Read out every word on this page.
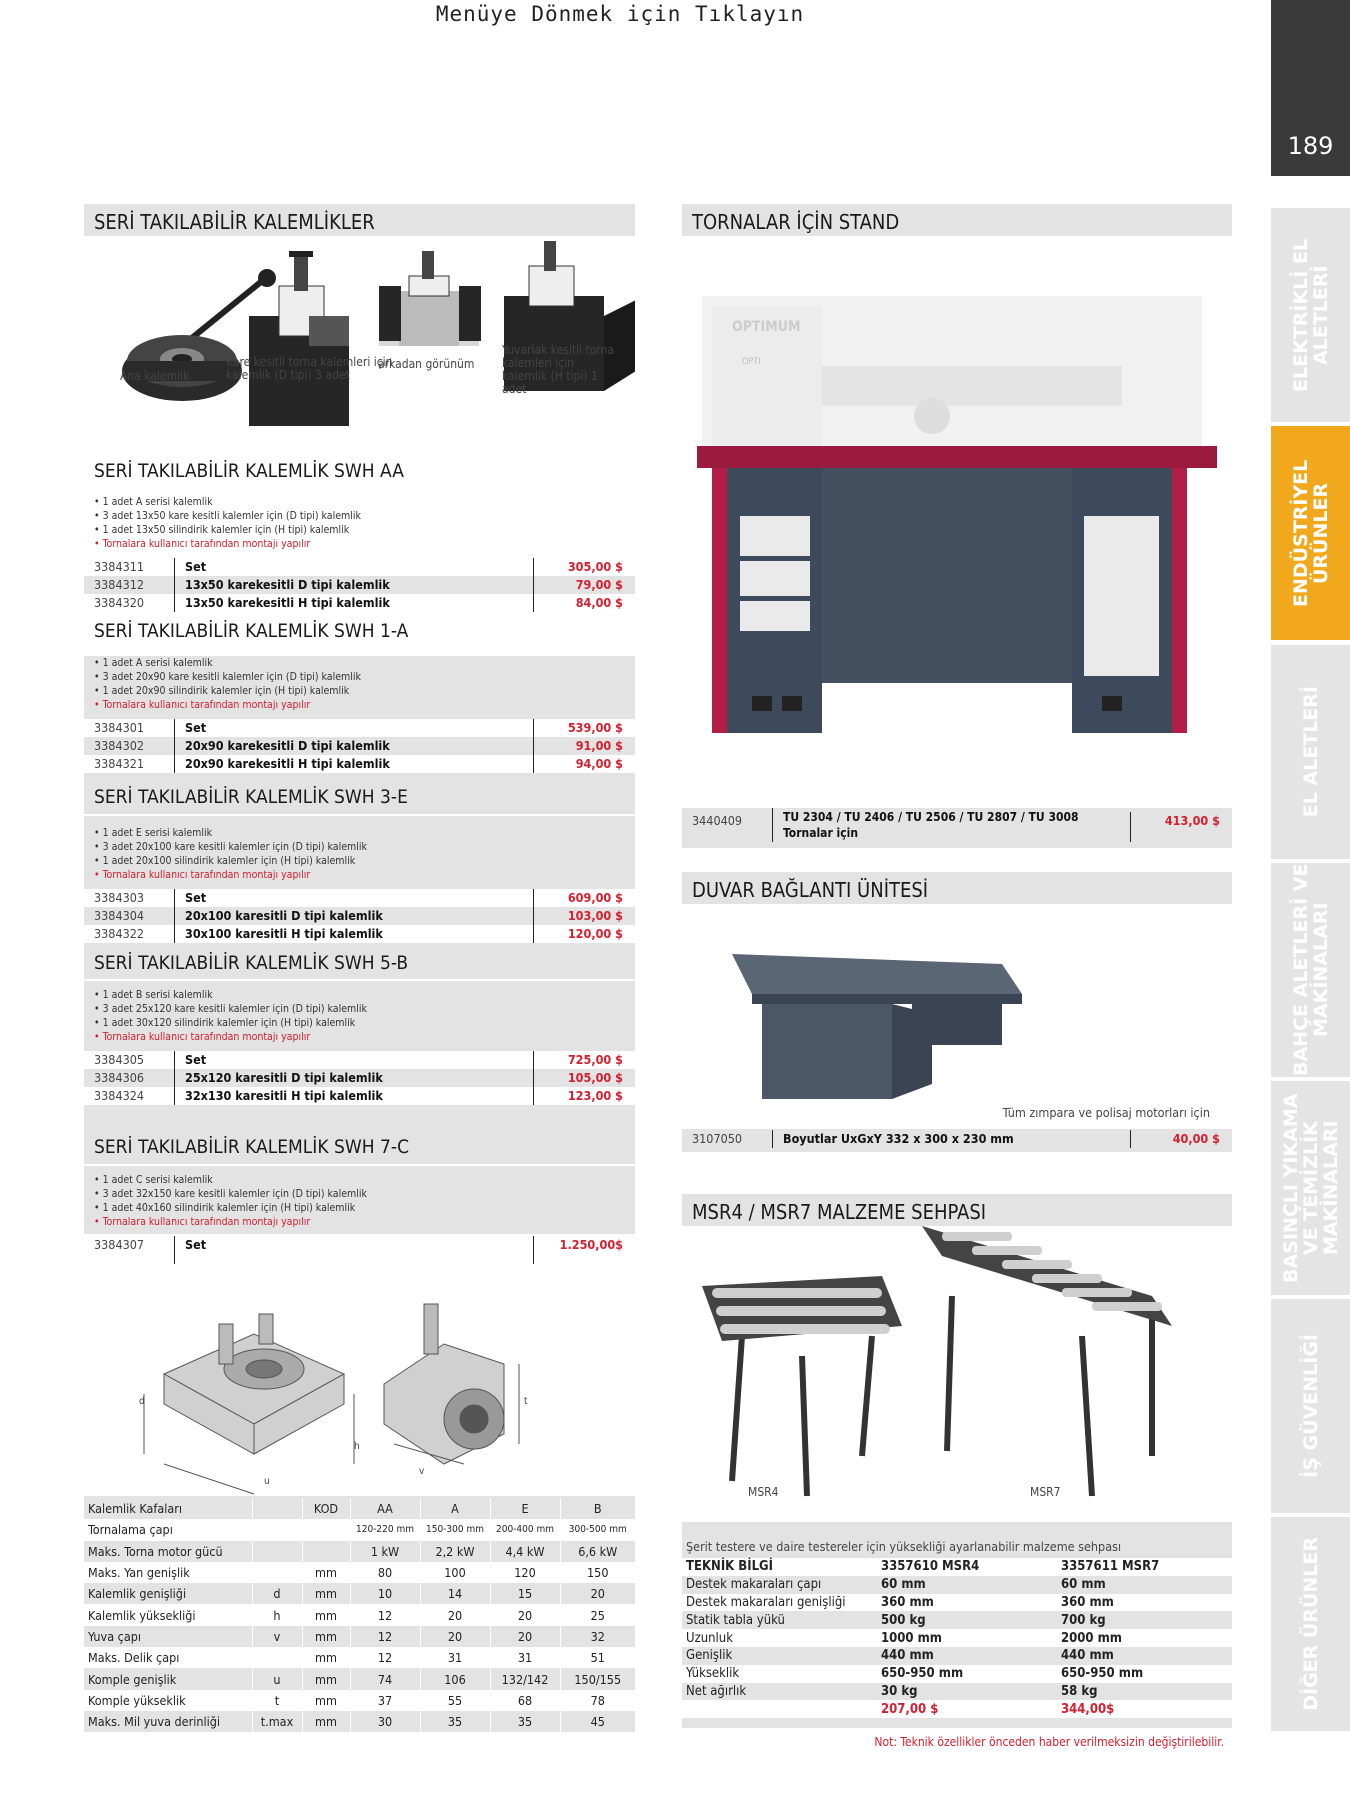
Menüye Dönmek için Tıklayın
ELEKTRİKLİ EL ALETLERİ
ENDÜSTRİYEL ÜRÜNLER
EL ALETLERİ
BAHÇE ALETLERİ VE MAKİNALARI
BASINÇLI YIKAMA VE TEMİZLİK MAKİNALARI
İŞ GÜVENLİĞİ
DİĞER ÜRÜNLER
189
SERİ TAKILABİLİR KALEMLİKLER
Ana kalemlik
Kare kesitli torna kalemleri için kalemlik (D tipi) 3 adet
arkadan görünüm
Yuvarlak kesitli torna kalemleri için kalemlik (H tipi) 1 adet
SERİ TAKILABİLİR KALEMLİK SWH AA
• 1 adet A serisi kalemlik
• 3 adet 13x50 kare kesitli kalemler için (D tipi) kalemlik
• 1 adet 13x50 silindirik kalemler için (H tipi) kalemlik
• Tornalara kullanıcı tarafından montajı yapılır
3384311	Set	305,00 $
3384312	13x50 karekesitli D tipi kalemlik	79,00 $
3384320	13x50 karekesitli H tipi kalemlik	84,00 $
SERİ TAKILABİLİR KALEMLİK SWH 1-A
• 1 adet A serisi kalemlik
• 3 adet 20x90 kare kesitli kalemler için (D tipi) kalemlik
• 1 adet 20x90 silindirik kalemler için (H tipi) kalemlik
• Tornalara kullanıcı tarafından montajı yapılır
3384301	Set	539,00 $
3384302	20x90 karekesitli D tipi kalemlik	91,00 $
3384321	20x90 karekesitli H tipi kalemlik	94,00 $
SERİ TAKILABİLİR KALEMLİK SWH 3-E
• 1 adet E serisi kalemlik
• 3 adet 20x100 kare kesitli kalemler için (D tipi) kalemlik
• 1 adet 20x100 silindirik kalemler için (H tipi) kalemlik
• Tornalara kullanıcı tarafından montajı yapılır
3384303	Set	609,00 $
3384304	20x100 karesitli D tipi kalemlik	103,00 $
3384322	30x100 karesitli H tipi kalemlik	120,00 $
SERİ TAKILABİLİR KALEMLİK SWH 5-B
• 1 adet B serisi kalemlik
• 3 adet 25x120 kare kesitli kalemler için (D tipi) kalemlik
• 1 adet 30x120 silindirik kalemler için (H tipi) kalemlik
• Tornalara kullanıcı tarafından montajı yapılır
3384305	Set	725,00 $
3384306	25x120 karesitli D tipi kalemlik	105,00 $
3384324	32x130 karesitli H tipi kalemlik	123,00 $
SERİ TAKILABİLİR KALEMLİK SWH 7-C
• 1 adet C serisi kalemlik
• 3 adet 32x150 kare kesitli kalemler için (D tipi) kalemlik
• 1 adet 40x160 silindirik kalemler için (H tipi) kalemlik
• Tornalara kullanıcı tarafından montajı yapılır
3384307	Set	1.250,00$
d
h
u
t
v
Kalemlik Kafaları		KOD	AA	A	E	B
Tornalama çapı			120-220 mm	150-300 mm	200-400 mm	300-500 mm
Maks. Torna motor gücü			1 kW	2,2 kW	4,4 kW	6,6 kW
Maks. Yan genişlik		mm	80	100	120	150
Kalemlik genişliği	d	mm	10	14	15	20
Kalemlik yüksekliği	h	mm	12	20	20	25
Yuva çapı	v	mm	12	20	20	32
Maks. Delik çapı		mm	12	31	31	51
Komple genişlik	u	mm	74	106	132/142	150/155
Komple yükseklik	t	mm	37	55	68	78
Maks. Mil yuva derinliği	t.max	mm	30	35	35	45
TORNALAR İÇİN STAND
OPTIMUM
OPTI
3440409	TU 2304 / TU 2406 / TU 2506 / TU 2807 / TU 3008
Tornalar için
413,00 $
DUVAR BAĞLANTI ÜNİTESİ
Tüm zımpara ve polisaj motorları için
3107050	Boyutlar UxGxY 332 x 300 x 230 mm	40,00 $
MSR4 / MSR7 MALZEME SEHPASI
MSR4	MSR7
Şerit testere ve daire testereler için yüksekliği ayarlanabilir malzeme sehpası
TEKNİK BİLGİ	3357610 MSR4	3357611 MSR7
Destek makaraları çapı	60 mm	60 mm
Destek makaraları genişliği	360 mm	360 mm
Statik tabla yükü	500 kg	700 kg
Uzunluk	1000 mm	2000 mm
Genişlik	440 mm	440 mm
Yükseklik	650-950 mm	650-950 mm
Net ağırlık	30 kg	58 kg
	207,00 $	344,00$
Not: Teknik özellikler önceden haber verilmeksizin değiştirilebilir.
